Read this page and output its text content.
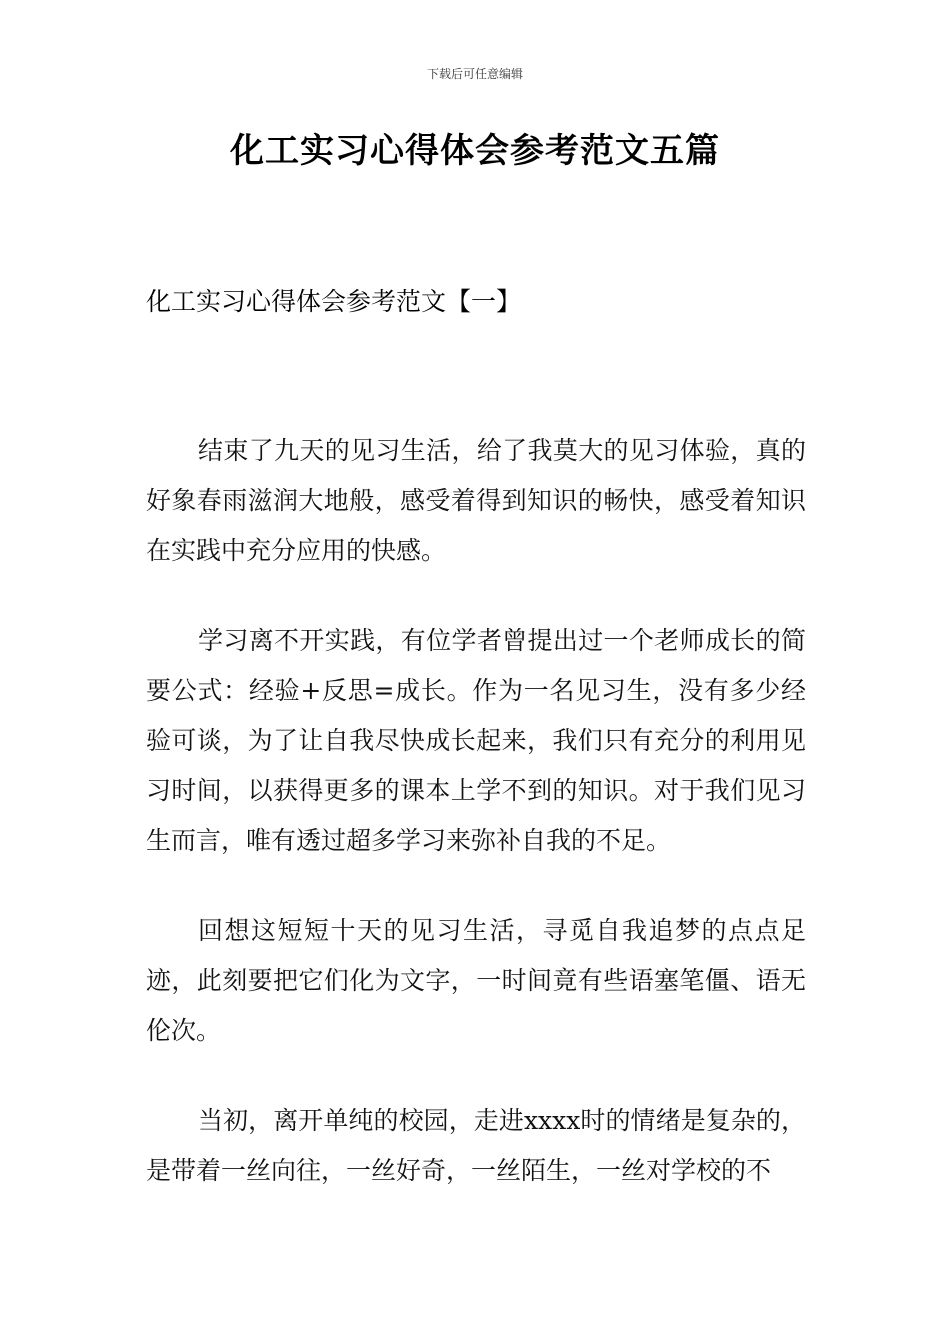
下载后可任意编辑
化工实习心得体会参考范文五篇
化工实习心得体会参考范文【一】

结束了九天的见习生活，给了我莫大的见习体验，真的好象春雨滋润大地般，感受着得到知识的畅快，感受着知识在实践中充分应用的快感。

学习离不开实践，有位学者曾提出过一个老师成长的简要公式：经验+反思=成长。作为一名见习生，没有多少经验可谈，为了让自我尽快成长起来，我们只有充分的利用见习时间，以获得更多的课本上学不到的知识。对于我们见习生而言，唯有透过超多学习来弥补自我的不足。

回想这短短十天的见习生活，寻觅自我追梦的点点足迹，此刻要把它们化为文字，一时间竟有些语塞笔僵、语无伦次。

当初，离开单纯的校园，走进xxxx时的情绪是复杂的，是带着一丝向往，一丝好奇，一丝陌生，一丝对学校的不
